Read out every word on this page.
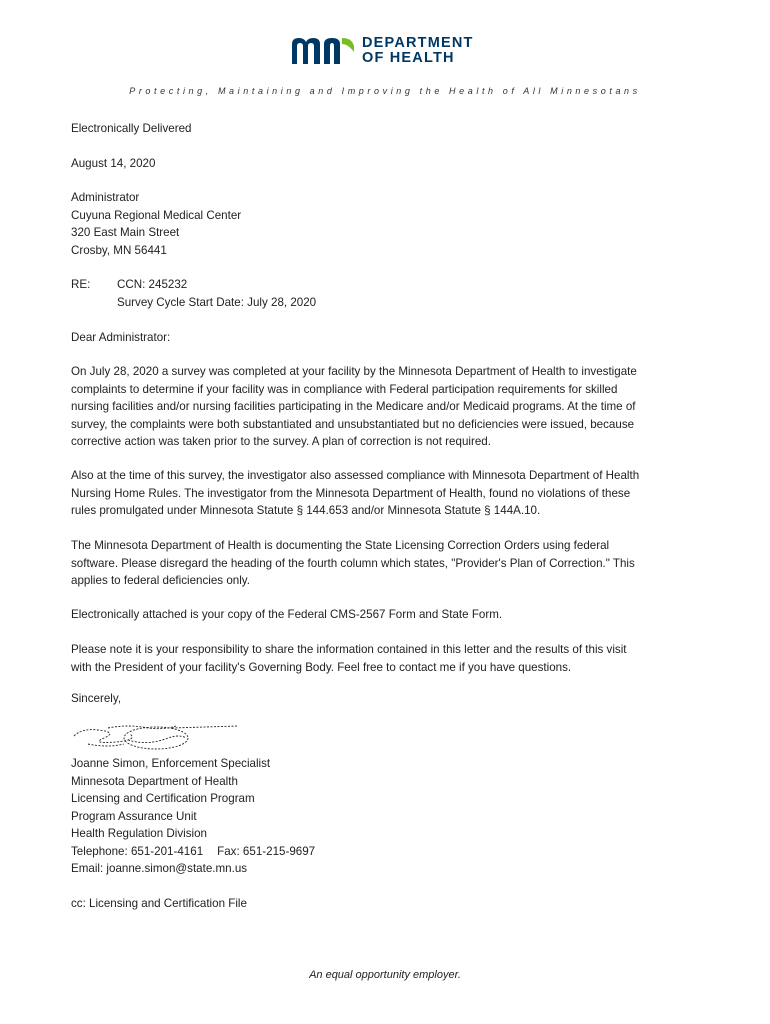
DEPARTMENT
OF HEALTH
Protecting, Maintaining and Improving the Health of All Minnesotans
Electronically Delivered
August 14, 2020
Administrator
Cuyuna Regional Medical Center
320 East Main Street
Crosby, MN 56441
RE: CCN: 245232
Survey Cycle Start Date: July 28, 2020
Dear Administrator:
On July 28, 2020 a survey was completed at your facility by the Minnesota Department of Health to investigate
complaints to determine if your facility was in compliance with Federal participation requirements for skilled
nursing facilities and/or nursing facilities participating in the Medicare and/or Medicaid programs. At the time of
survey, the complaints were both substantiated and unsubstantiated but no deficiencies were issued, because
corrective action was taken prior to the survey. A plan of correction is not required.
Also at the time of this survey, the investigator also assessed compliance with Minnesota Department of Health
Nursing Home Rules. The investigator from the Minnesota Department of Health, found no violations of these
rules promulgated under Minnesota Statute § 144.653 and/or Minnesota Statute § 144A.10.
The Minnesota Department of Health is documenting the State Licensing Correction Orders using federal
software. Please disregard the heading of the fourth column which states, "Provider's Plan of Correction." This
applies to federal deficiencies only.
Electronically attached is your copy of the Federal CMS-2567 Form and State Form.
Please note it is your responsibility to share the information contained in this letter and the results of this visit
with the President of your facility's Governing Body. Feel free to contact me if you have questions.
Sincerely,
Joanne Simon, Enforcement Specialist
Minnesota Department of Health
Licensing and Certification Program
Program Assurance Unit
Health Regulation Division
Telephone: 651-201-4161 Fax: 651-215-9697
Email: joanne.simon@state.mn.us
cc: Licensing and Certification File
An equal opportunity employer.
